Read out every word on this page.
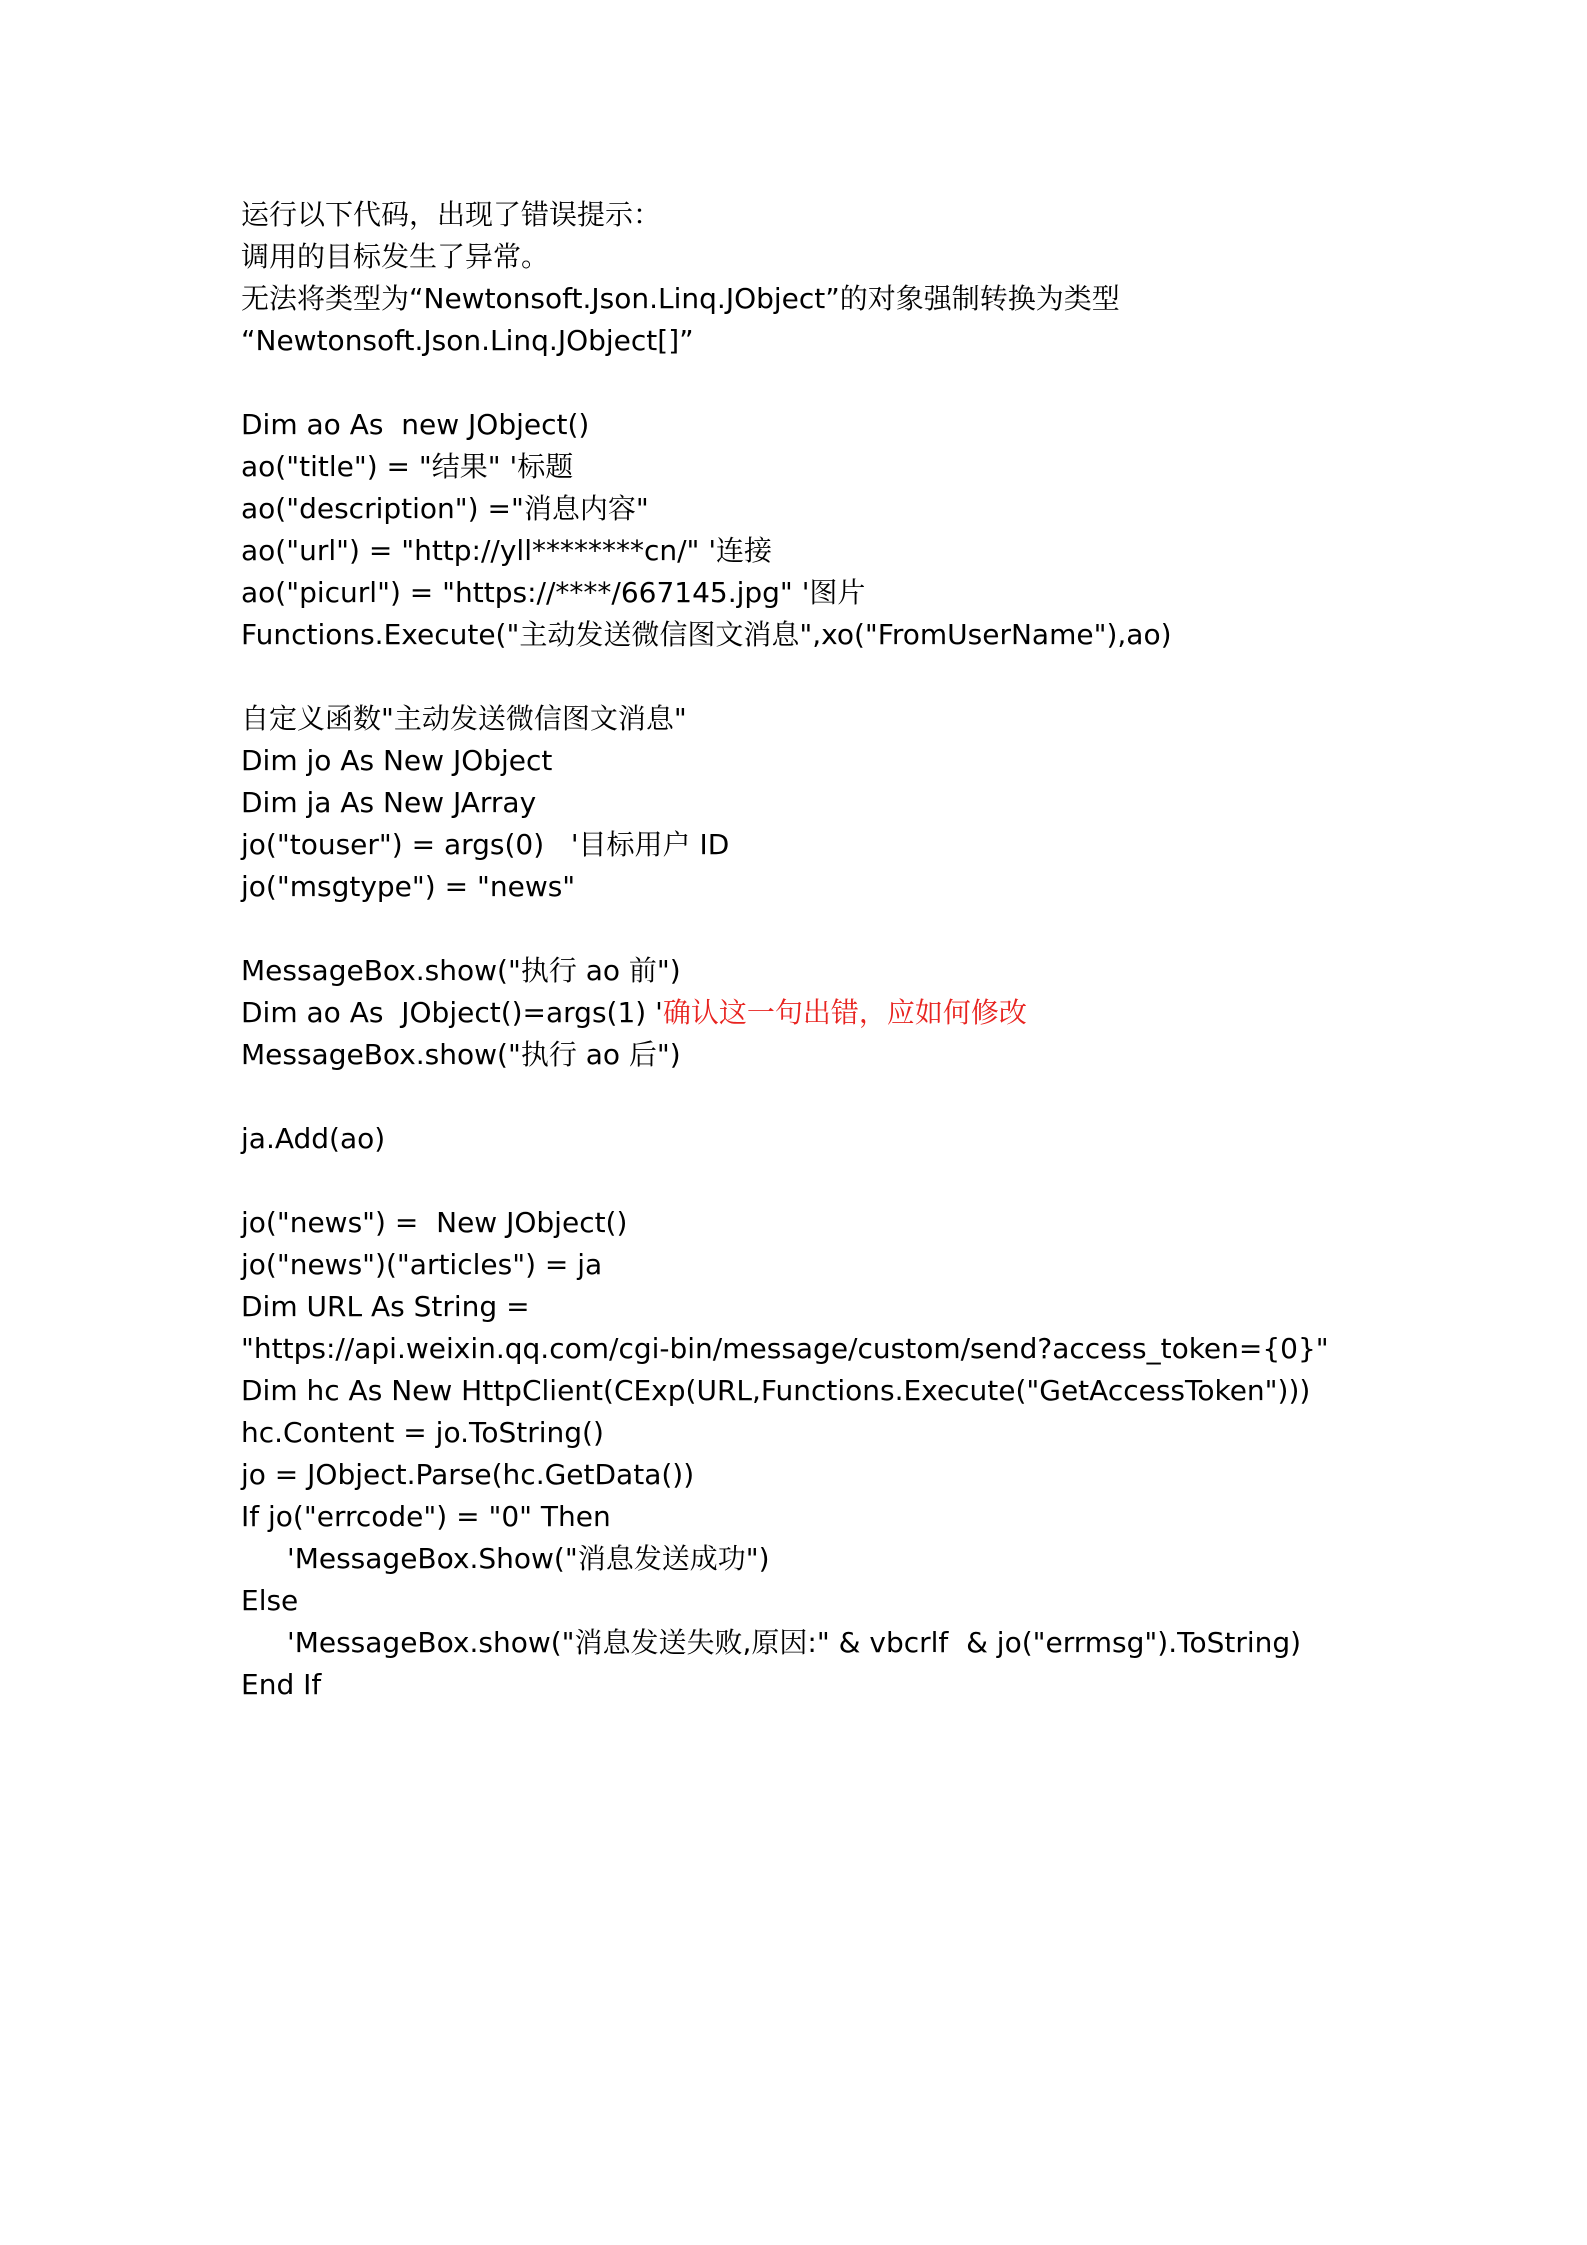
运行以下代码，出现了错误提示：
调用的目标发生了异常。
无法将类型为“Newtonsoft.Json.Linq.JObject”的对象强制转换为类型
“Newtonsoft.Json.Linq.JObject[]”
Dim ao As  new JObject()
ao("title") = "结果" '标题
ao("description") ="消息内容"
ao("url") = "http://yll********cn/" '连接
ao("picurl") = "https://****/667145.jpg" '图片
Functions.Execute("主动发送微信图文消息",xo("FromUserName"),ao)
自定义函数"主动发送微信图文消息"
Dim jo As New JObject
Dim ja As New JArray
jo("touser") = args(0)   '目标用户 ID
jo("msgtype") = "news"
MessageBox.show("执行 ao 前")
Dim ao As  JObject()=args(1) '确认这一句出错，应如何修改
MessageBox.show("执行 ao 后")
ja.Add(ao)
jo("news") =  New JObject()
jo("news")("articles") = ja
Dim URL As String =
"https://api.weixin.qq.com/cgi-bin/message/custom/send?access_token={0}"
Dim hc As New HttpClient(CExp(URL,Functions.Execute("GetAccessToken")))
hc.Content = jo.ToString()
jo = JObject.Parse(hc.GetData())
If jo("errcode") = "0" Then
'MessageBox.Show("消息发送成功")
Else
'MessageBox.show("消息发送失败,原因:" & vbcrlf  & jo("errmsg").ToString)
End If
